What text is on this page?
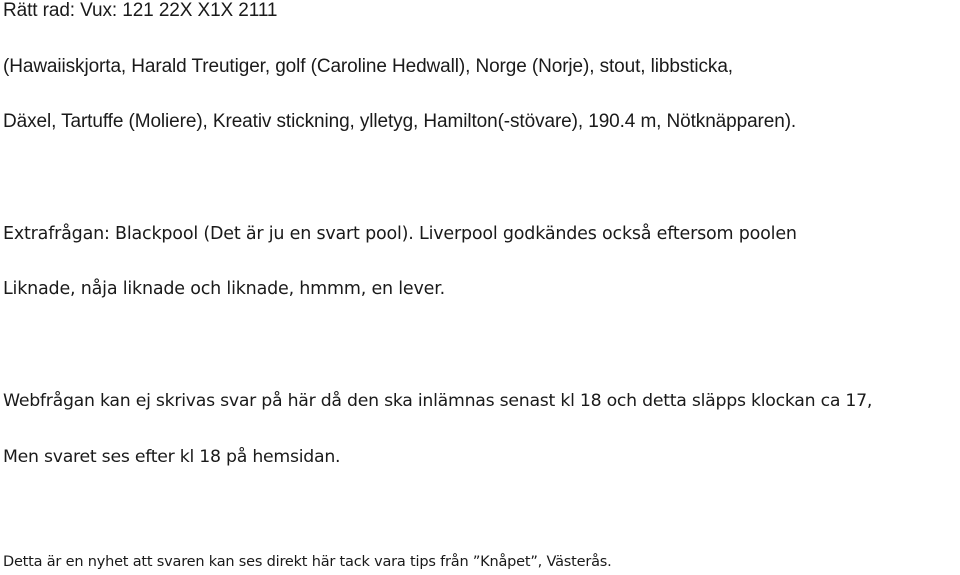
Rätt rad: Vux: 121 22X X1X 2111

(Hawaiiskjorta, Harald Treutiger, golf (Caroline Hedwall), Norge (Norje), stout, libbsticka,

Däxel, Tartuffe (Moliere), Kreativ stickning, ylletyg, Hamilton(-stövare), 190.4 m, Nötknäpparen).

Extrafrågan: Blackpool (Det är ju en svart pool). Liverpool godkändes också eftersom poolen

Liknade, nåja liknade och liknade, hmmm, en lever.

Webfrågan kan ej skrivas svar på här då den ska inlämnas senast kl 18 och detta släpps klockan ca 17,

Men svaret ses efter kl 18 på hemsidan.

Detta är en nyhet att svaren kan ses direkt här tack vara tips från ”Knåpet”, Västerås.
